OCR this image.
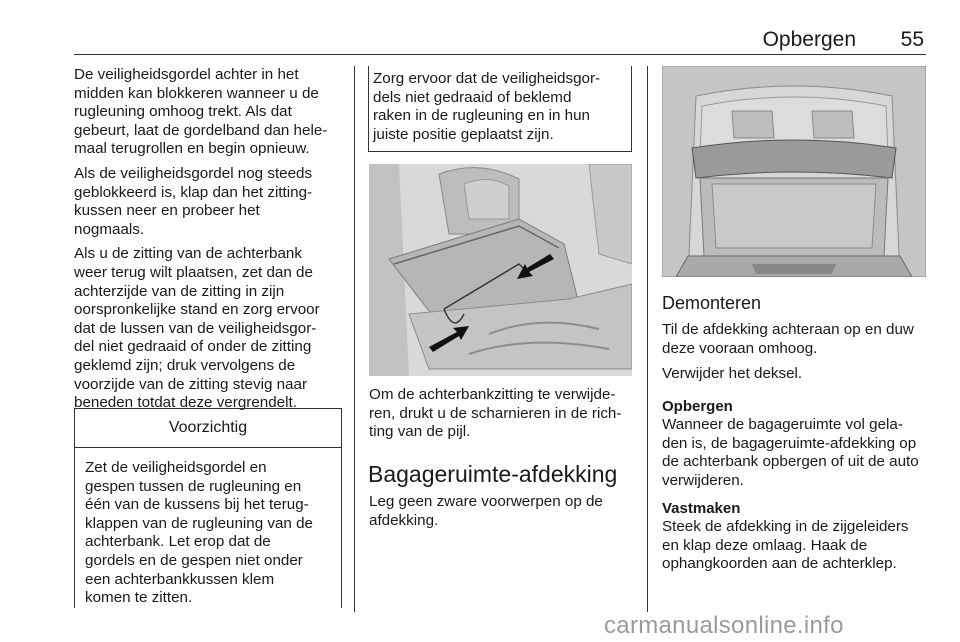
Opbergen 55

De veiligheidsgordel achter in het
midden kan blokkeren wanneer u de
rugleuning omhoog trekt. Als dat
gebeurt, laat de gordelband dan hele-
maal terugrollen en begin opnieuw.

Als de veiligheidsgordel nog steeds
geblokkeerd is, klap dan het zitting-
kussen neer en probeer het
nogmaals.

Als u de zitting van de achterbank
weer terug wilt plaatsen, zet dan de
achterzijde van de zitting in zijn
oorspronkelijke stand en zorg ervoor
dat de lussen van de veiligheidsgor-
del niet gedraaid of onder de zitting
geklemd zijn; druk vervolgens de
voorzijde van de zitting stevig naar
beneden totdat deze vergrendelt.

Voorzichtig
Zet de veiligheidsgordel en
gespen tussen de rugleuning en
één van de kussens bij het terug-
klappen van de rugleuning van de
achterbank. Let erop dat de
gordels en de gespen niet onder
een achterbankkussen klem
komen te zitten.
Zorg ervoor dat de veiligheidsgor-
dels niet gedraaid of beklemd
raken in de rugleuning en in hun
juiste positie geplaatst zijn.

Om de achterbankzitting te verwijde-
ren, drukt u de scharnieren in de rich-
ting van de pijl.

Bagageruimte-afdekking

Leg geen zware voorwerpen op de
afdekking.

Demonteren

Til de afdekking achteraan op en duw
deze vooraan omhoog.

Verwijder het deksel.

Opbergen

Wanneer de bagageruimte vol gela-
den is, de bagageruimte-afdekking op
de achterbank opbergen of uit de auto
verwijderen.

Vastmaken

Steek de afdekking in de zijgeleiders
en klap deze omlaag. Haak de
ophangkoorden aan de achterklep.

carmanualsonline.info
